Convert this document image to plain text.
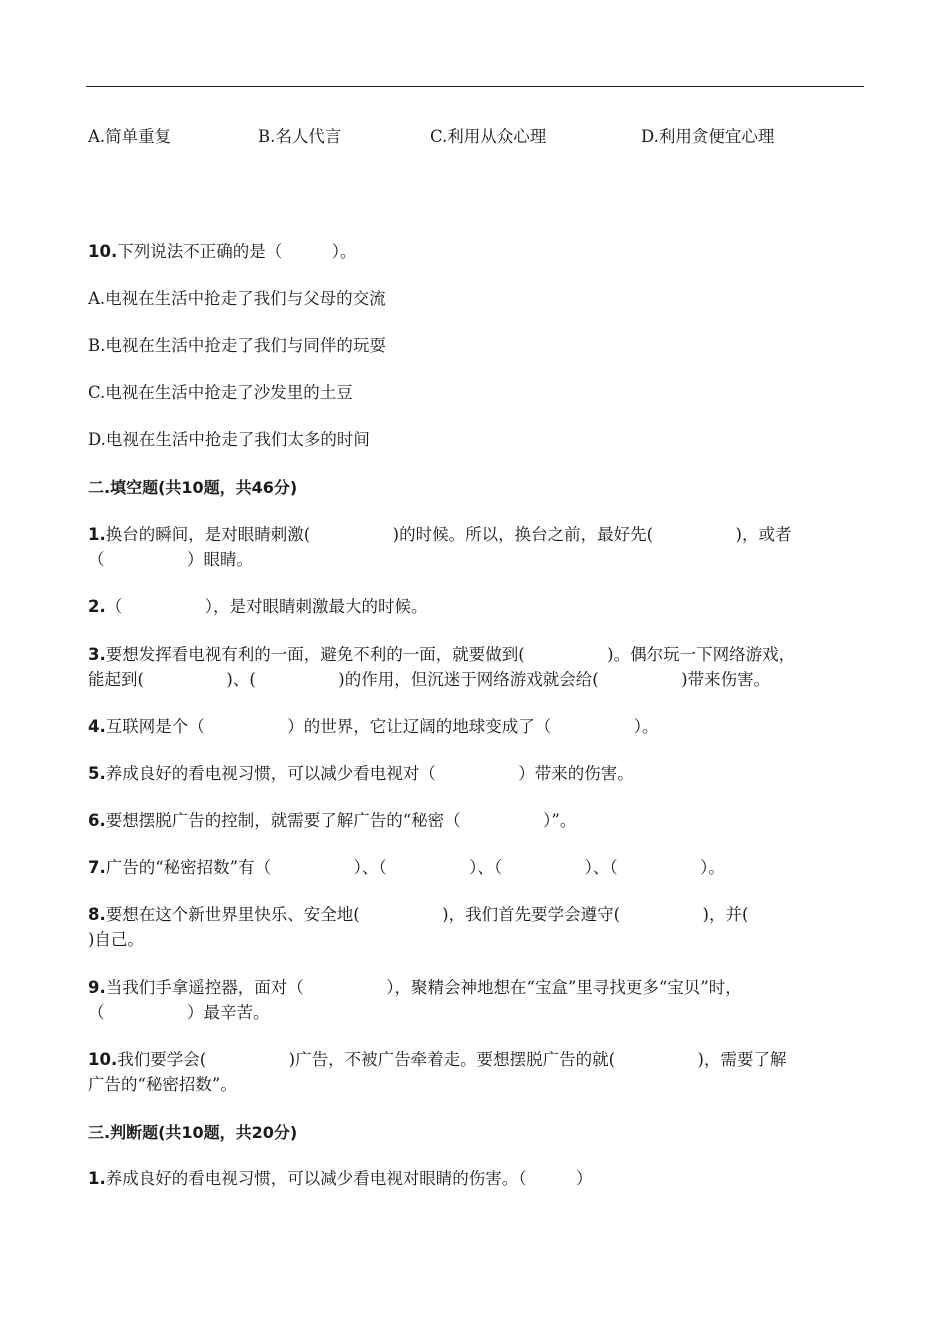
A.简单重复	B.名人代言	C.利用从众心理	D.利用贪便宜心理
10.下列说法不正确的是（　　　）。
A.电视在生活中抢走了我们与父母的交流
B.电视在生活中抢走了我们与同伴的玩耍
C.电视在生活中抢走了沙发里的土豆
D.电视在生活中抢走了我们太多的时间
二.填空题(共10题，共46分)
1.换台的瞬间，是对眼睛刺激(　　　　　)的时候。所以，换台之前，最好先(　　　　　)，或者
（　　　　　）眼睛。
2.（　　　　　），是对眼睛刺激最大的时候。
3.要想发挥看电视有利的一面，避免不利的一面，就要做到(　　　　　)。偶尔玩一下网络游戏，
能起到(　　　　　)、(　　　　　)的作用，但沉迷于网络游戏就会给(　　　　　)带来伤害。
4.互联网是个（　　　　　）的世界，它让辽阔的地球变成了（　　　　　）。
5.养成良好的看电视习惯，可以减少看电视对（　　　　　）带来的伤害。
6.要想摆脱广告的控制，就需要了解广告的“秘密（　　　　　）”。
7.广告的“秘密招数”有（　　　　　）、（　　　　　）、（　　　　　）、（　　　　　）。
8.要想在这个新世界里快乐、安全地(　　　　　)，我们首先要学会遵守(　　　　　)，并(
)自己。
9.当我们手拿遥控器，面对（　　　　　），聚精会神地想在“宝盒”里寻找更多“宝贝”时，
（　　　　　）最辛苦。
10.我们要学会(　　　　　)广告，不被广告牵着走。要想摆脱广告的就(　　　　　)，需要了解
广告的“秘密招数”。
三.判断题(共10题，共20分)
1.养成良好的看电视习惯，可以减少看电视对眼睛的伤害。（　　　）
